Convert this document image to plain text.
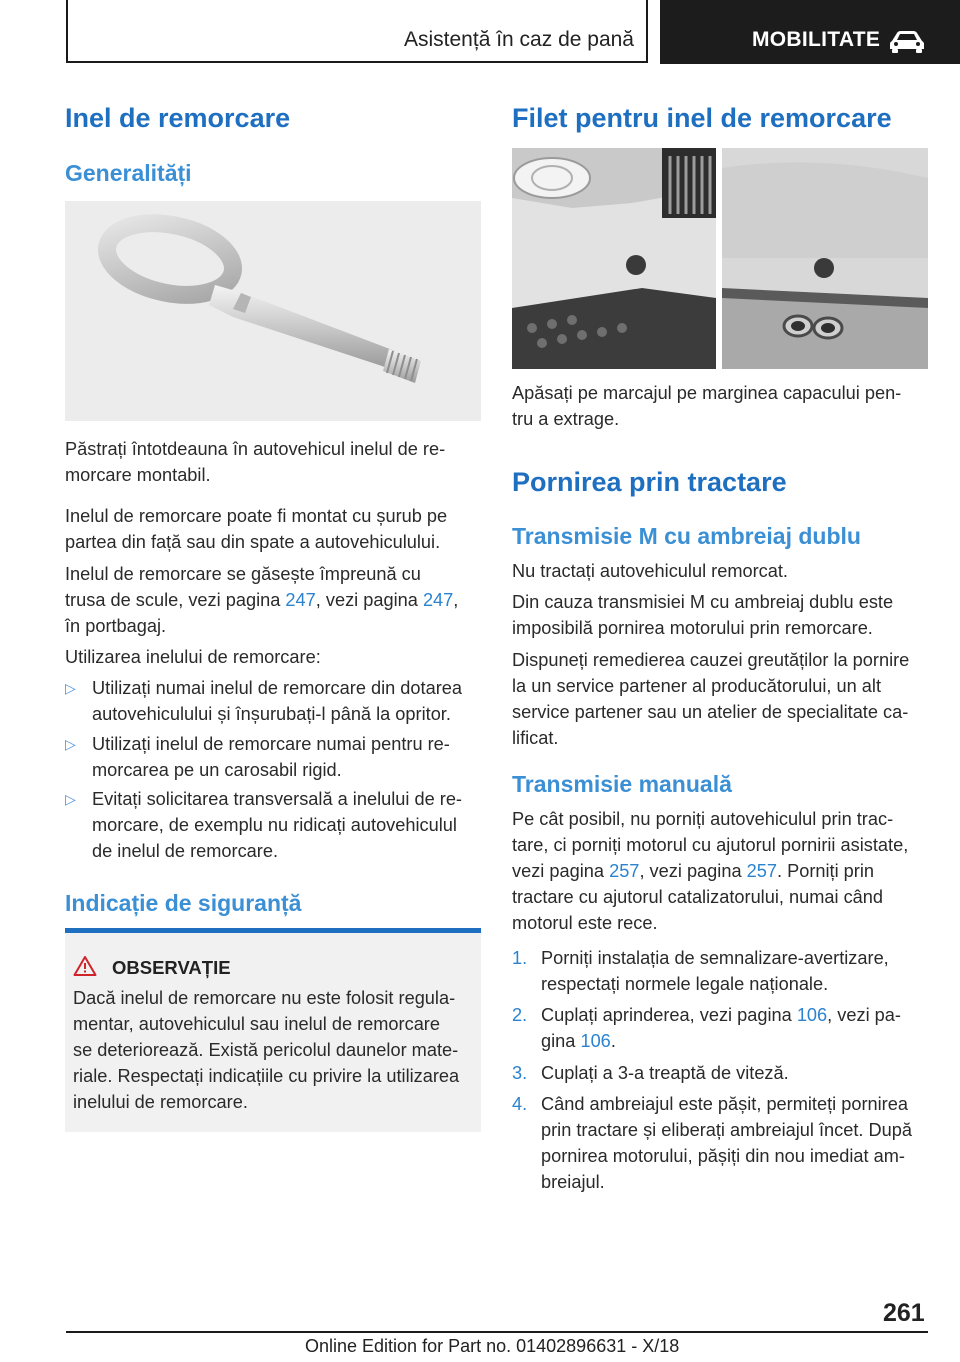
Asistență în caz de pană	MOBILITATE
Inel de remorcare
Generalități

Păstrați întotdeauna în autovehicul inelul de re-
morcare montabil.

Inelul de remorcare poate fi montat cu șurub pe
partea din față sau din spate a autovehiculului.

Inelul de remorcare se găsește împreună cu
trusa de scule, vezi pagina 247, vezi pagina 247,
în portbagaj.

Utilizarea inelului de remorcare:

▷ Utilizați numai inelul de remorcare din dotarea
autovehiculului și înșurubați-l până la opritor.

▷ Utilizați inelul de remorcare numai pentru re-
morcarea pe un carosabil rigid.

▷ Evitați solicitarea transversală a inelului de re-
morcare, de exemplu nu ridicați autovehiculul
de inelul de remorcare.

Indicație de siguranță
OBSERVAȚIE

Dacă inelul de remorcare nu este folosit regula-
mentar, autovehiculul sau inelul de remorcare
se deteriorează. Există pericolul daunelor mate-
riale. Respectați indicațiile cu privire la utilizarea
inelului de remorcare.

Filet pentru inel de remorcare

Apăsați pe marcajul pe marginea capacului pen-
tru a extrage.

Pornirea prin tractare
Transmisie M cu ambreiaj dublu

Nu tractați autovehiculul remorcat.

Din cauza transmisiei M cu ambreiaj dublu este
imposibilă pornirea motorului prin remorcare.

Dispuneți remedierea cauzei greutăților la pornire
la un service partener al producătorului, un alt
service partener sau un atelier de specialitate ca-
lificat.

Transmisie manuală

Pe cât posibil, nu porniți autovehiculul prin trac-
tare, ci porniți motorul cu ajutorul pornirii asistate,
vezi pagina 257, vezi pagina 257. Porniți prin
tractare cu ajutorul catalizatorului, numai când
motorul este rece.

1. Porniți instalația de semnalizare-avertizare,
respectați normele legale naționale.

2. Cuplați aprinderea, vezi pagina 106, vezi pa-
gina 106.

3. Cuplați a 3-a treaptă de viteză.

4. Când ambreiajul este pășit, permiteți pornirea
prin tractare și eliberați ambreiajul încet. După
pornirea motorului, pășiți din nou imediat am-
breiajul.

261
Online Edition for Part no. 01402896631 - X/18
